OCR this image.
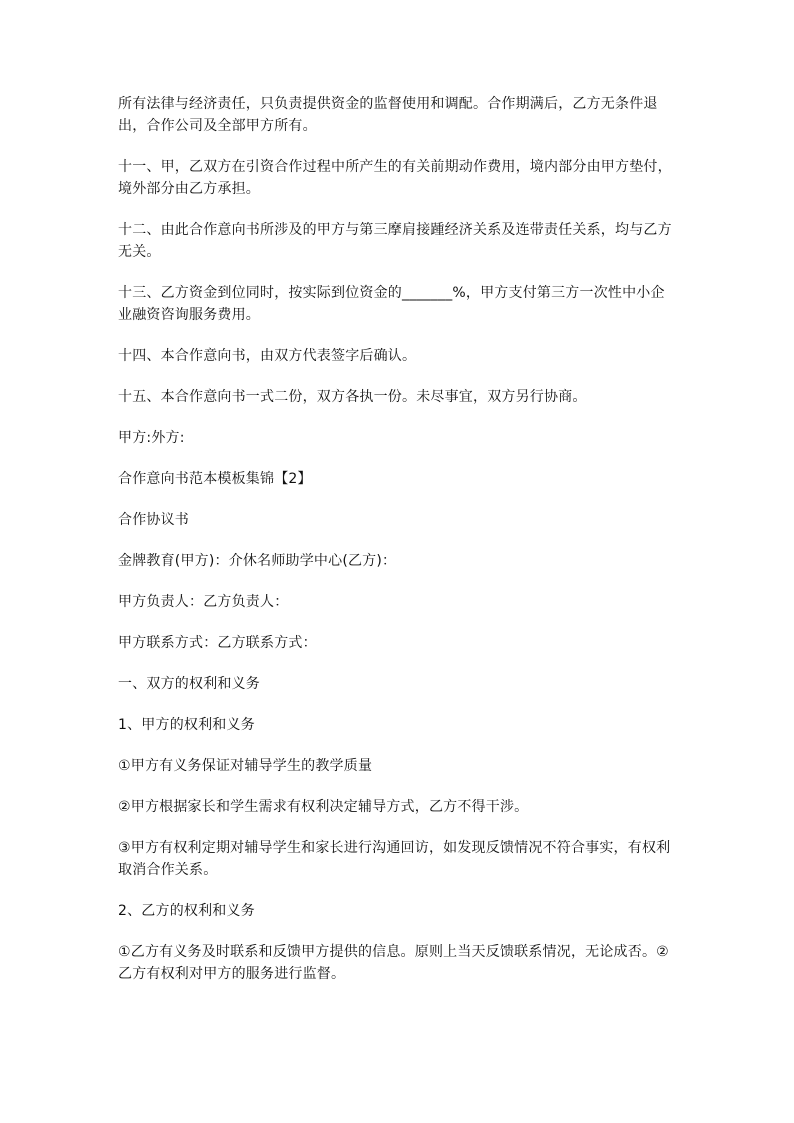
所有法律与经济责任，只负责提供资金的监督使用和调配。合作期满后，乙方无条件退出，合作公司及全部甲方所有。

十一、甲，乙双方在引资合作过程中所产生的有关前期动作费用，境内部分由甲方垫付，境外部分由乙方承担。

十二、由此合作意向书所涉及的甲方与第三摩肩接踵经济关系及连带责任关系，均与乙方无关。

十三、乙方资金到位同时，按实际到位资金的_______%，甲方支付第三方一次性中小企业融资咨询服务费用。

十四、本合作意向书，由双方代表签字后确认。

十五、本合作意向书一式二份，双方各执一份。未尽事宜，双方另行协商。

甲方:外方:

合作意向书范本模板集锦【2】

合作协议书

金牌教育(甲方)：介休名师助学中心(乙方)：

甲方负责人：乙方负责人：

甲方联系方式：乙方联系方式：

一、双方的权利和义务

1、甲方的权利和义务

①甲方有义务保证对辅导学生的教学质量

②甲方根据家长和学生需求有权利决定辅导方式，乙方不得干涉。

③甲方有权利定期对辅导学生和家长进行沟通回访，如发现反馈情况不符合事实，有权利取消合作关系。

2、乙方的权利和义务

①乙方有义务及时联系和反馈甲方提供的信息。原则上当天反馈联系情况，无论成否。②乙方有权利对甲方的服务进行监督。
